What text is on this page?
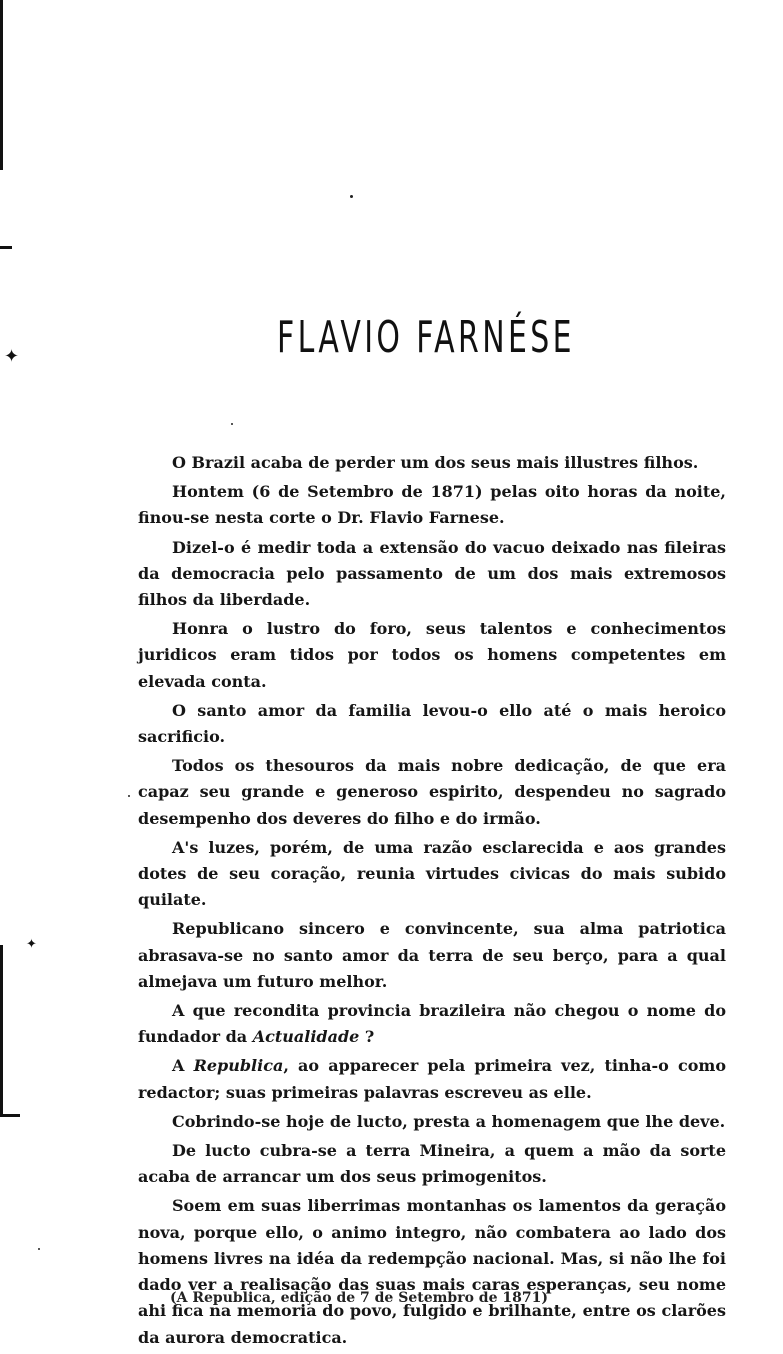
✦
✦
FLAVIO FARNÉSE

O Brazil acaba de perder um dos seus mais illustres filhos.

Hontem (6 de Setembro de 1871) pelas oito horas da noite, finou-se nesta corte o Dr. Flavio Farnese.

Dizel-o é medir toda a extensão do vacuo deixado nas fileiras da democracia pelo passamento de um dos mais extremosos filhos da liberdade.

Honra o lustro do foro, seus talentos e conhecimentos juridicos eram tidos por todos os homens competentes em elevada conta.

O santo amor da familia levou-o ello até o mais heroico sacrificio.

Todos os thesouros da mais nobre dedicação, de que era capaz seu grande e generoso espirito, despendeu no sagrado desempenho dos deveres do filho e do irmão.

A's luzes, porém, de uma razão esclarecida e aos grandes dotes de seu coração, reunia virtudes civicas do mais subido quilate.

Republicano sincero e convincente, sua alma patriotica abrasava-se no santo amor da terra de seu berço, para a qual almejava um futuro melhor.

A que recondita provincia brazileira não chegou o nome do fundador da Actualidade ?

A Republica, ao apparecer pela primeira vez, tinha-o como redactor; suas primeiras palavras escreveu as elle.

Cobrindo-se hoje de lucto, presta a homenagem que lhe deve.

De lucto cubra-se a terra Mineira, a quem a mão da sorte acaba de arrancar um dos seus primogenitos.

Soem em suas liberrimas montanhas os lamentos da geração nova, porque ello, o animo integro, não combatera ao lado dos homens livres na idéa da redempção nacional. Mas, si não lhe foi dado ver a realisação das suas mais caras esperanças, seu nome ahi fica na memoria do povo, fulgido e brilhante, entre os clarões da aurora democratica.

(A Republica, edição de 7 de Setembro de 1871)
